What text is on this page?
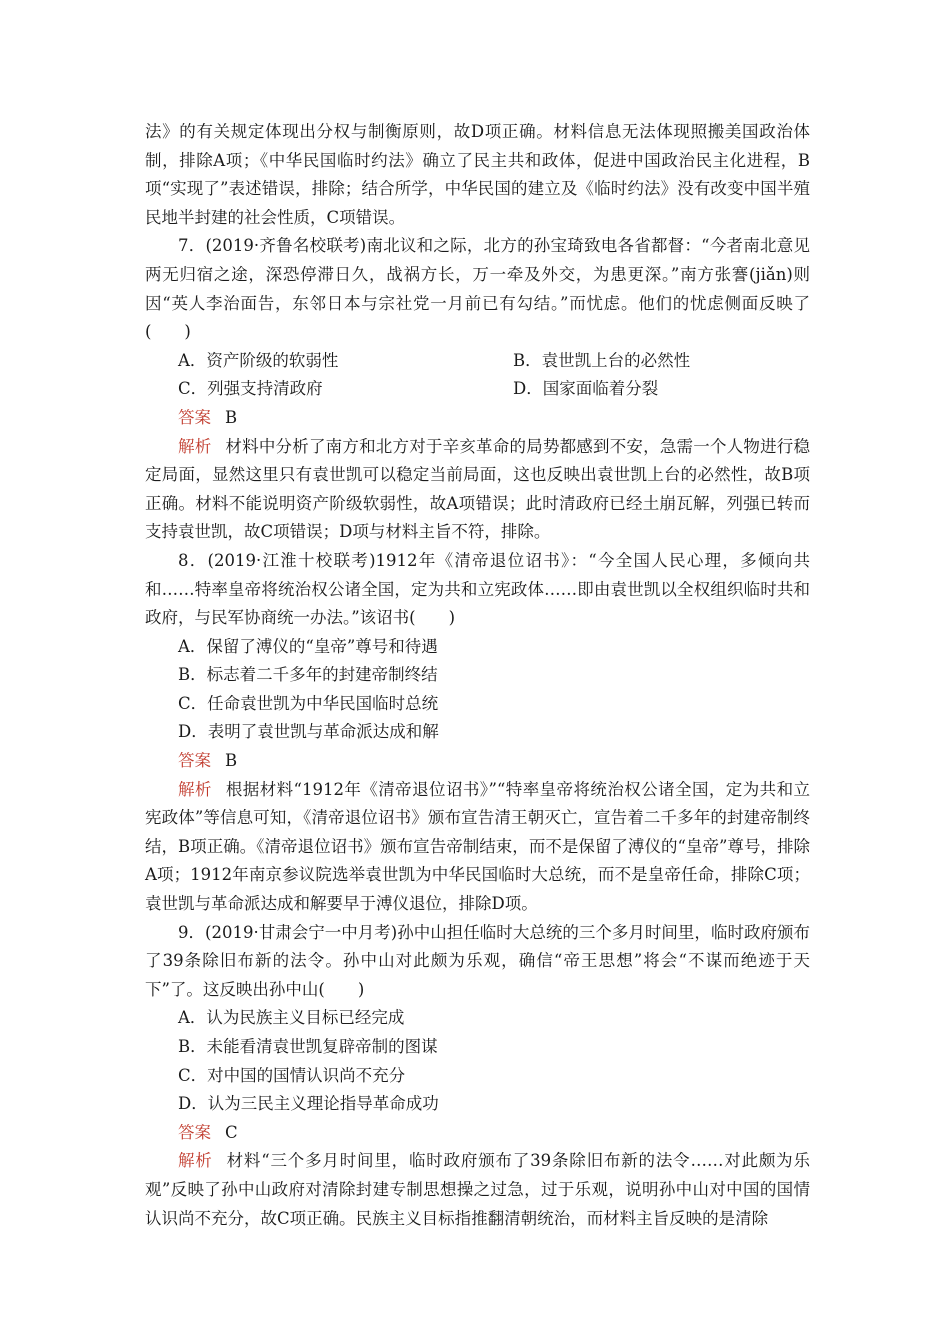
法》的有关规定体现出分权与制衡原则，故D项正确。材料信息无法体现照搬美国政治体制，排除A项；《中华民国临时约法》确立了民主共和政体，促进中国政治民主化进程，B项“实现了”表述错误，排除；结合所学，中华民国的建立及《临时约法》没有改变中国半殖民地半封建的社会性质，C项错误。

7．(2019·齐鲁名校联考)南北议和之际，北方的孙宝琦致电各省都督：“今者南北意见两无归宿之途，深恐停滞日久，战祸方长，万一牵及外交，为患更深。”南方张謇(jiǎn)则因“英人李治面告，东邻日本与宗社党一月前已有勾结。”而忧虑。他们的忧虑侧面反映了(　　)

A．资产阶级的软弱性	B．袁世凯上台的必然性
C．列强支持清政府	D．国家面临着分裂
答案 B

解析 材料中分析了南方和北方对于辛亥革命的局势都感到不安，急需一个人物进行稳定局面，显然这里只有袁世凯可以稳定当前局面，这也反映出袁世凯上台的必然性，故B项正确。材料不能说明资产阶级软弱性，故A项错误；此时清政府已经土崩瓦解，列强已转而支持袁世凯，故C项错误；D项与材料主旨不符，排除。

8．(2019·江淮十校联考)1912年《清帝退位诏书》：“今全国人民心理，多倾向共和……特率皇帝将统治权公诸全国，定为共和立宪政体……即由袁世凯以全权组织临时共和政府，与民军协商统一办法。”该诏书(　　)

A．保留了溥仪的“皇帝”尊号和待遇
B．标志着二千多年的封建帝制终结
C．任命袁世凯为中华民国临时总统
D．表明了袁世凯与革命派达成和解
答案 B

解析 根据材料“1912年《清帝退位诏书》”“特率皇帝将统治权公诸全国，定为共和立宪政体”等信息可知，《清帝退位诏书》颁布宣告清王朝灭亡，宣告着二千多年的封建帝制终结，B项正确。《清帝退位诏书》颁布宣告帝制结束，而不是保留了溥仪的“皇帝”尊号，排除A项；1912年南京参议院选举袁世凯为中华民国临时大总统，而不是皇帝任命，排除C项；袁世凯与革命派达成和解要早于溥仪退位，排除D项。

9．(2019·甘肃会宁一中月考)孙中山担任临时大总统的三个多月时间里，临时政府颁布了39条除旧布新的法令。孙中山对此颇为乐观，确信“帝王思想”将会“不谋而绝迹于天下”了。这反映出孙中山(　　)

A．认为民族主义目标已经完成
B．未能看清袁世凯复辟帝制的图谋
C．对中国的国情认识尚不充分
D．认为三民主义理论指导革命成功
答案 C

解析 材料“三个多月时间里，临时政府颁布了39条除旧布新的法令……对此颇为乐观”反映了孙中山政府对清除封建专制思想操之过急，过于乐观，说明孙中山对中国的国情认识尚不充分，故C项正确。民族主义目标指推翻清朝统治，而材料主旨反映的是清除
